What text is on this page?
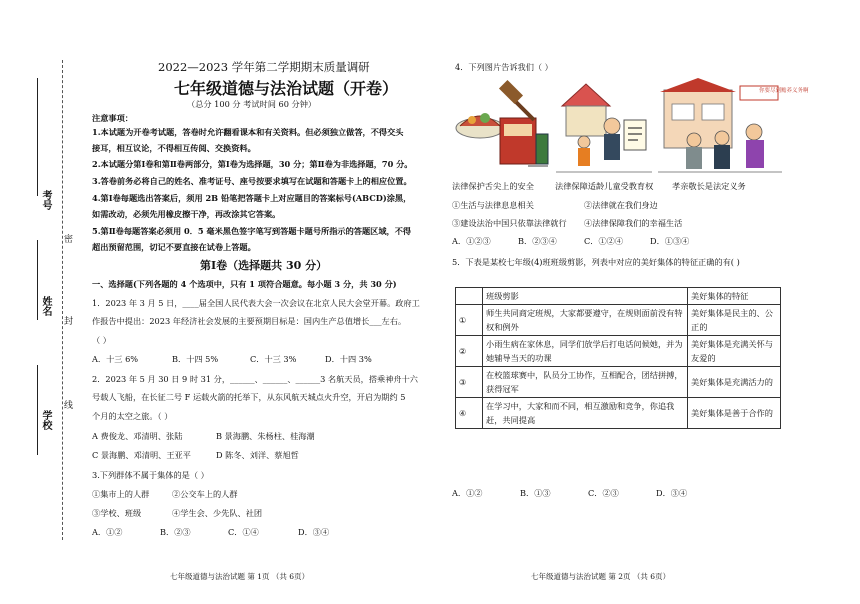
考号
姓名
学校
密
封
线
2022—2023 学年第二学期期末质量调研
七年级道德与法治试题（开卷）
（总分 100 分 考试时间 60 分钟）
注意事项：
1.本试题为开卷考试题，答卷时允许翻看课本和有关资料。但必须独立做答，不得交头
接耳，相互议论，不得相互传阅、交换资料。
2.本试题分第Ⅰ卷和第Ⅱ卷两部分，第Ⅰ卷为选择题，30 分；第Ⅱ卷为非选择题，70 分。
3.答卷前务必将自己的姓名、准考证号、座号按要求填写在试题和答题卡上的相应位置。
4.第Ⅰ卷每题选出答案后，须用 2B 铅笔把答题卡上对应题目的答案标号(ABCD)涂黑，
如需改动，必须先用橡皮擦干净，再改涂其它答案。
5.第Ⅱ卷每题答案必须用 0．5 毫米黑色签字笔写到答题卡题号所指示的答题区域，不得
超出预留范围，切记不要直接在试卷上答题。
第Ⅰ卷（选择题共 30 分）
一、选择题(下列各题的 4 个选项中，只有 1 项符合题意。每小题 3 分，共 30 分)
1．2023 年 3 月 5 日，____届全国人民代表大会一次会议在北京人民大会堂开幕。政府工
作报告中提出：2023 年经济社会发展的主要预期目标是：国内生产总值增长___左右。
（ ）
A．十三 6%	B．十四 5%	C．十三 3%	D．十四 3%
2．2023 年 5 月 30 日 9 时 31 分，______、______、______3 名航天员，搭乘神舟十六
号载人飞船，在长征二号 F 运载火箭的托举下，从东风航天城点火升空，开启为期约 5
个月的太空之旅。（ ）
A 费俊龙、邓清明、张陆	B 景海鹏、朱杨柱、桂海潮
C 景海鹏、邓清明、王亚平	D 陈冬、刘洋、蔡旭哲
3.下列群体不属于集体的是（ ）
①集市上的人群	②公交车上的人群
③学校、班级	④学生会、少先队、社团
A．①②	B．②③	C．①④	D．③④
七年级道德与法治试题 第 1页 （共 6页）
4．下列图片告诉我们（ ）
你要尽到赡养义务啊
法律保护舌尖上的安全	法律保障适龄儿童受教育权 孝亲敬长是法定义务
①生活与法律息息相关	②法律就在我们身边
③建设法治中国只依靠法律就行 ④法律保障我们的幸福生活
A．①②③	B．②③④	C．①②④	D．①③④
5．下表是某校七年级(4)班班级剪影，列表中对应的美好集体的特征正确的有( )
	班级剪影	美好集体的特征
①	师生共同商定班规，大家都要遵守，在规则面前没有特权和例外	美好集体是民主的、公正的
②	小雨生病在家休息，同学们放学后打电话问候她，并为她辅导当天的功课	美好集体是充满关怀与友爱的
③	在校篮球赛中，队员分工协作，互相配合，团结拼搏，获得冠军	美好集体是充满活力的
④	在学习中，大家和而不同，相互激励和竞争，你追我赶，共同提高	美好集体是善于合作的
A．①②	B．①③	C．②③	D．③④
七年级道德与法治试题 第 2页 （共 6页）
